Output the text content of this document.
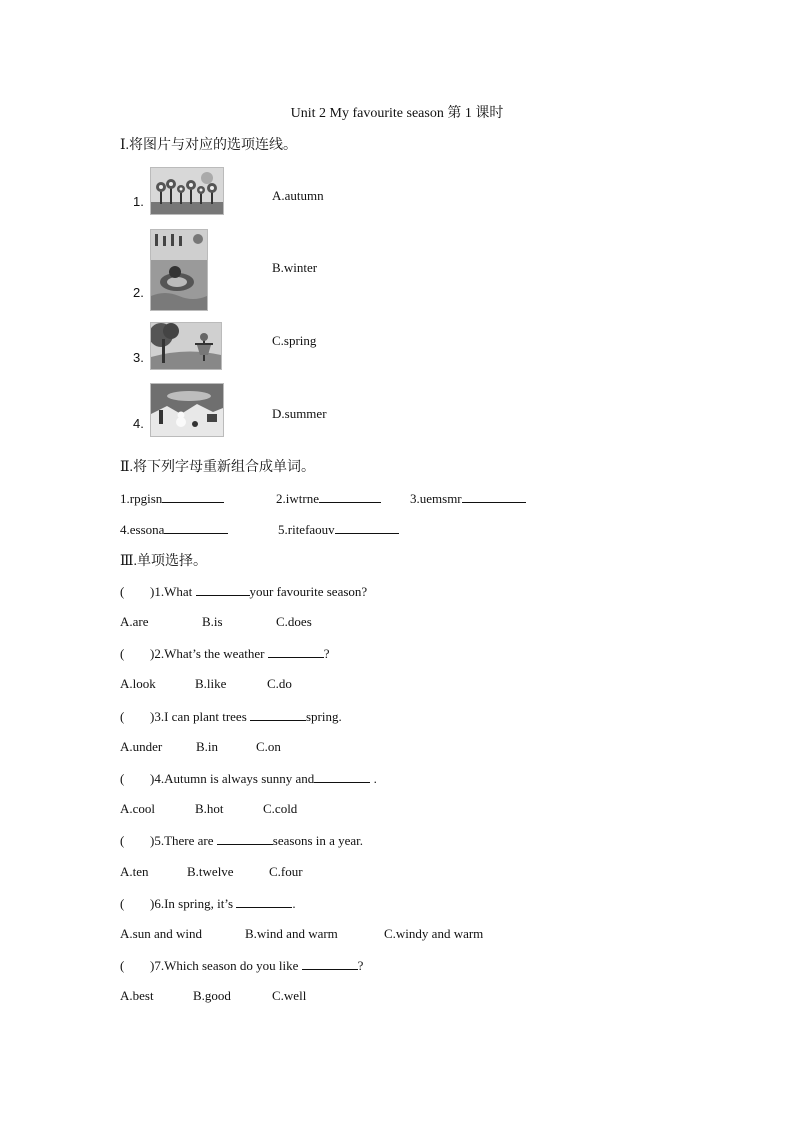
Unit 2 My favourite season 第 1 课时
Ⅰ.将图片与对应的选项连线。
1.	A.autumn
2.
B.winter
3.
C.spring
4.
D.summer
Ⅱ.将下列字母重新组合成单词。
1.rpgisn	2.iwtrne	3.uemsmr
4.essona	5.ritefaouv
Ⅲ.单项选择。
( )1.What	your favourite season?
A.are	B.is	C.does
( )2.What’s the weather	?
A.look	B.like	C.do
( )3.I can plant trees	spring.
A.under	B.in	C.on
( )4.Autumn is always sunny and	.
A.cool	B.hot	C.cold
( )5.There are	seasons in a year.
A.ten	B.twelve	C.four
( )6.In spring, it’s	.
A.sun and wind	B.wind and warm	C.windy and warm
( )7.Which season do you like	?
A.best	B.good	C.well
